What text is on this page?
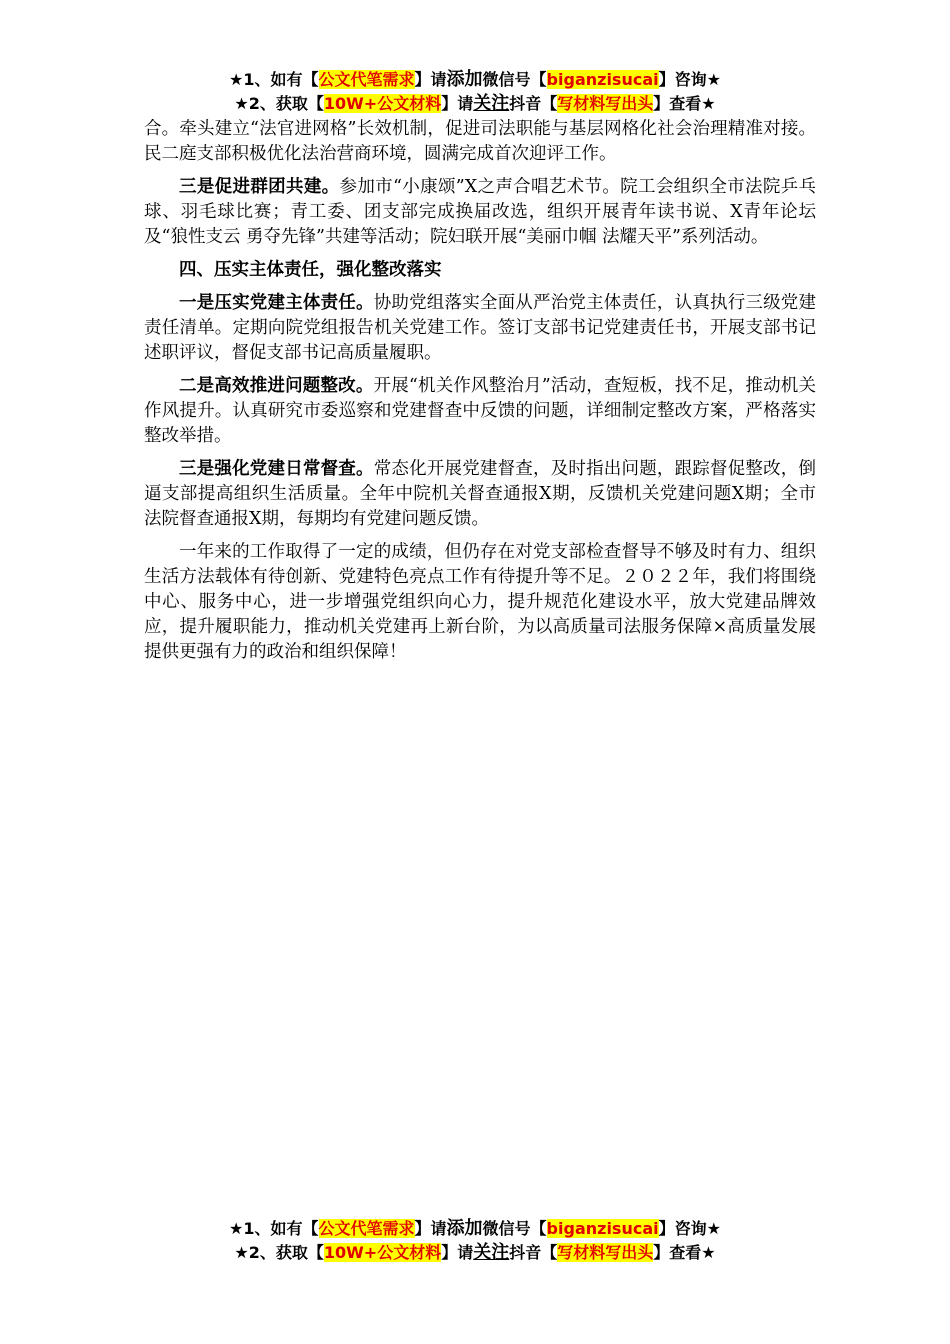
★1、如有【公文代笔需求】请添加微信号【biganzisucai】咨询★
★2、获取【10W+公文材料】请关注抖音【写材料写出头】查看★

合。牵头建立“法官进网格”长效机制，促进司法职能与基层网格化社会治理精准对接。民二庭支部积极优化法治营商环境，圆满完成首次迎评工作。

三是促进群团共建。参加市“小康颂”X之声合唱艺术节。院工会组织全市法院乒乓球、羽毛球比赛；青工委、团支部完成换届改选，组织开展青年读书说、X青年论坛及“狼性支云 勇夺先锋”共建等活动；院妇联开展“美丽巾帼 法耀天平”系列活动。

四、压实主体责任，强化整改落实

一是压实党建主体责任。协助党组落实全面从严治党主体责任，认真执行三级党建责任清单。定期向院党组报告机关党建工作。签订支部书记党建责任书，开展支部书记述职评议，督促支部书记高质量履职。

二是高效推进问题整改。开展“机关作风整治月”活动，查短板，找不足，推动机关作风提升。认真研究市委巡察和党建督查中反馈的问题，详细制定整改方案，严格落实整改举措。

三是强化党建日常督查。常态化开展党建督查，及时指出问题，跟踪督促整改，倒逼支部提高组织生活质量。全年中院机关督查通报X期，反馈机关党建问题X期；全市法院督查通报X期，每期均有党建问题反馈。

一年来的工作取得了一定的成绩，但仍存在对党支部检查督导不够及时有力、组织生活方法载体有待创新、党建特色亮点工作有待提升等不足。２０２２年，我们将围绕中心、服务中心，进一步增强党组织向心力，提升规范化建设水平，放大党建品牌效应，提升履职能力，推动机关党建再上新台阶，为以高质量司法服务保障×高质量发展提供更强有力的政治和组织保障！

★1、如有【公文代笔需求】请添加微信号【biganzisucai】咨询★
★2、获取【10W+公文材料】请关注抖音【写材料写出头】查看★
